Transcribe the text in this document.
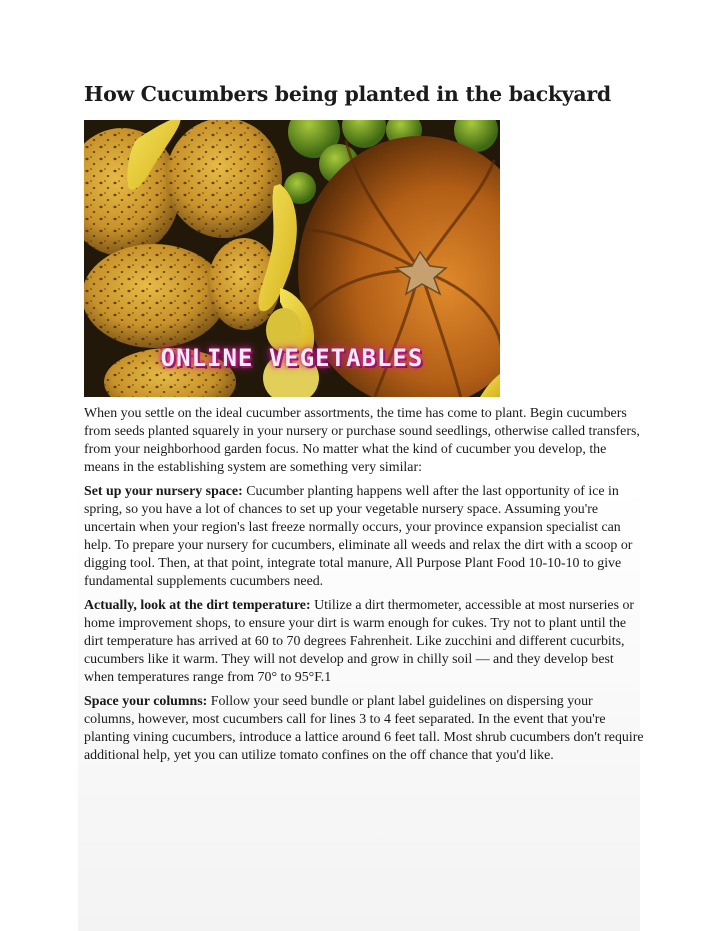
How Cucumbers being planted in the backyard
ONLINE VEGETABLES

When you settle on the ideal cucumber assortments, the time has come to plant. Begin cucumbers from seeds planted squarely in your nursery or purchase sound seedlings, otherwise called transfers, from your neighborhood garden focus. No matter what the kind of cucumber you develop, the means in the establishing system are something very similar:

Set up your nursery space: Cucumber planting happens well after the last opportunity of ice in spring, so you have a lot of chances to set up your vegetable nursery space. Assuming you're uncertain when your region's last freeze normally occurs, your province expansion specialist can help. To prepare your nursery for cucumbers, eliminate all weeds and relax the dirt with a scoop or digging tool. Then, at that point, integrate total manure, All Purpose Plant Food 10-10-10 to give fundamental supplements cucumbers need.

Actually, look at the dirt temperature: Utilize a dirt thermometer, accessible at most nurseries or home improvement shops, to ensure your dirt is warm enough for cukes. Try not to plant until the dirt temperature has arrived at 60 to 70 degrees Fahrenheit. Like zucchini and different cucurbits, cucumbers like it warm. They will not develop and grow in chilly soil — and they develop best when temperatures range from 70° to 95°F.1

Space your columns: Follow your seed bundle or plant label guidelines on dispersing your columns, however, most cucumbers call for lines 3 to 4 feet separated. In the event that you're planting vining cucumbers, introduce a lattice around 6 feet tall. Most shrub cucumbers don't require additional help, yet you can utilize tomato confines on the off chance that you'd like.
